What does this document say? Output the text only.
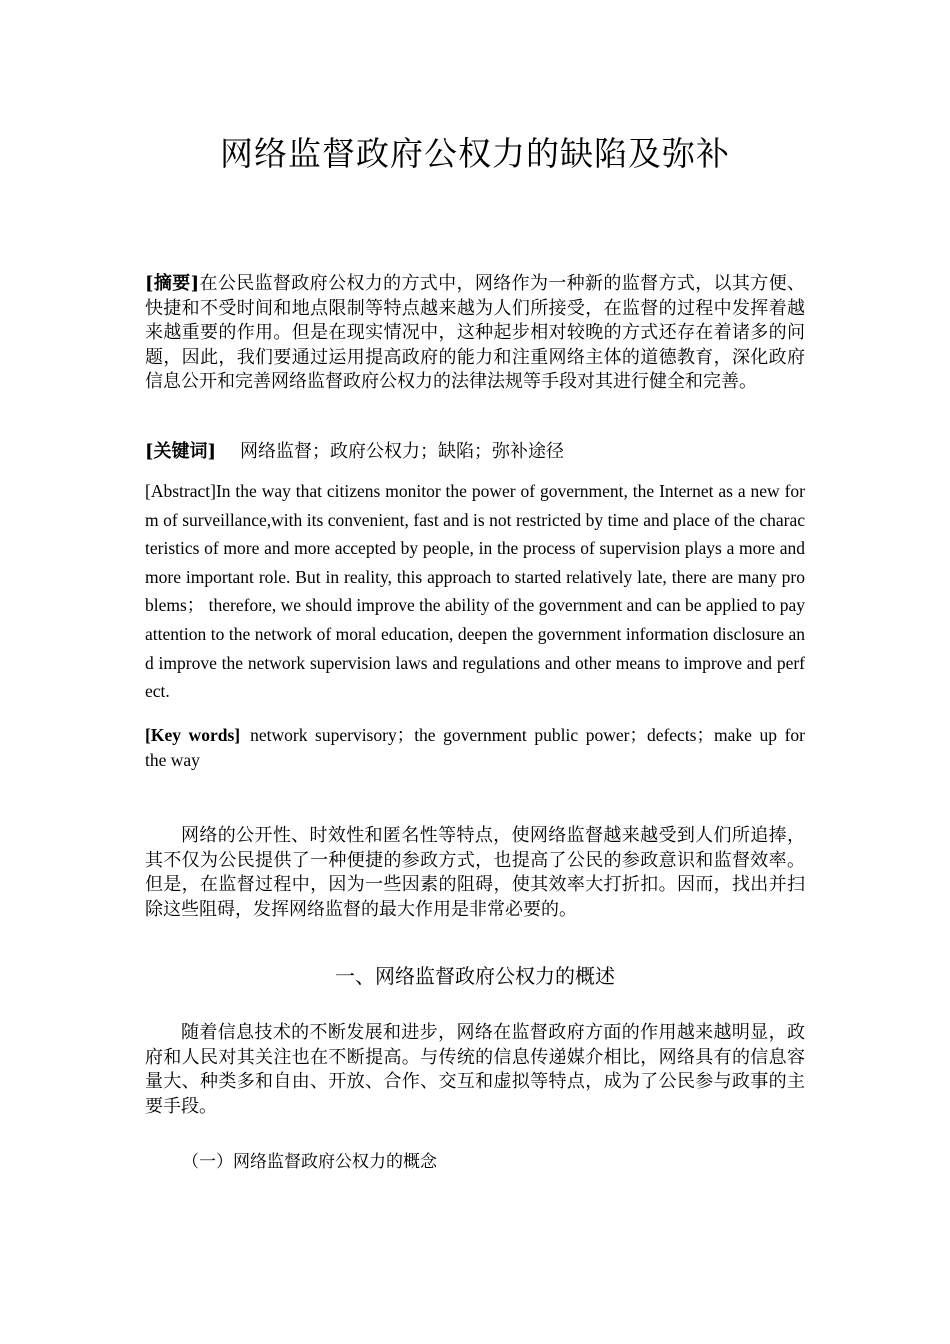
网络监督政府公权力的缺陷及弥补
[摘要]在公民监督政府公权力的方式中，网络作为一种新的监督方式，以其方便、快捷和不受时间和地点限制等特点越来越为人们所接受，在监督的过程中发挥着越来越重要的作用。但是在现实情况中，这种起步相对较晚的方式还存在着诸多的问题，因此，我们要通过运用提高政府的能力和注重网络主体的道德教育，深化政府信息公开和完善网络监督政府公权力的法律法规等手段对其进行健全和完善。
[关键词] 网络监督；政府公权力；缺陷；弥补途径
[Abstract]In the way that citizens monitor the power of government, the Internet as a new form of surveillance,with its convenient, fast and is not restricted by time and place of the characteristics of more and more accepted by people, in the process of supervision plays a more and more important role. But in reality, this approach to started relatively late, there are many problems； therefore, we should improve the ability of the government and can be applied to pay attention to the network of moral education, deepen the government information disclosure and improve the network supervision laws and regulations and other means to improve and perfect.
[Key words] network supervisory；the government public power；defects；make up for the way
网络的公开性、时效性和匿名性等特点，使网络监督越来越受到人们所追捧，其不仅为公民提供了一种便捷的参政方式，也提高了公民的参政意识和监督效率。但是，在监督过程中，因为一些因素的阻碍，使其效率大打折扣。因而，找出并扫除这些阻碍，发挥网络监督的最大作用是非常必要的。
一、网络监督政府公权力的概述
随着信息技术的不断发展和进步，网络在监督政府方面的作用越来越明显，政府和人民对其关注也在不断提高。与传统的信息传递媒介相比，网络具有的信息容量大、种类多和自由、开放、合作、交互和虚拟等特点，成为了公民参与政事的主要手段。
（一）网络监督政府公权力的概念
